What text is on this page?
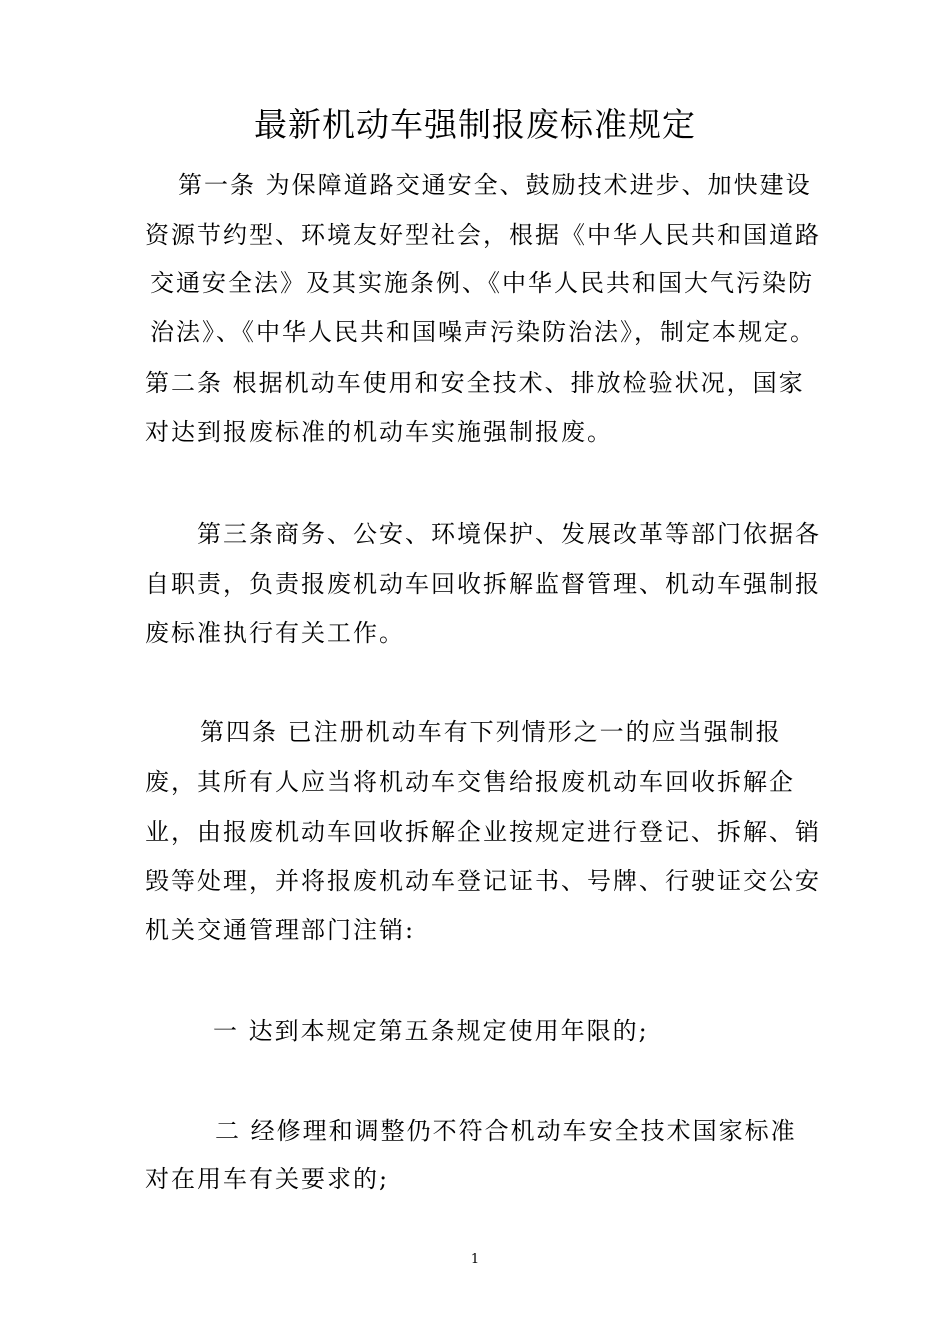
最新机动车强制报废标准规定
第一条 为保障道路交通安全、鼓励技术进步、加快建设
资源节约型、环境友好型社会，根据《中华人民共和国道路
交通安全法》及其实施条例、《中华人民共和国大气污染防
治法》、《中华人民共和国噪声污染防治法》，制定本规定。
第二条 根据机动车使用和安全技术、排放检验状况，国家
对达到报废标准的机动车实施强制报废。
第三条商务、公安、环境保护、发展改革等部门依据各
自职责，负责报废机动车回收拆解监督管理、机动车强制报
废标准执行有关工作。
第四条 已注册机动车有下列情形之一的应当强制报
废，其所有人应当将机动车交售给报废机动车回收拆解企
业，由报废机动车回收拆解企业按规定进行登记、拆解、销
毁等处理，并将报废机动车登记证书、号牌、行驶证交公安
机关交通管理部门注销:
一 达到本规定第五条规定使用年限的;
二 经修理和调整仍不符合机动车安全技术国家标准
对在用车有关要求的;
1
